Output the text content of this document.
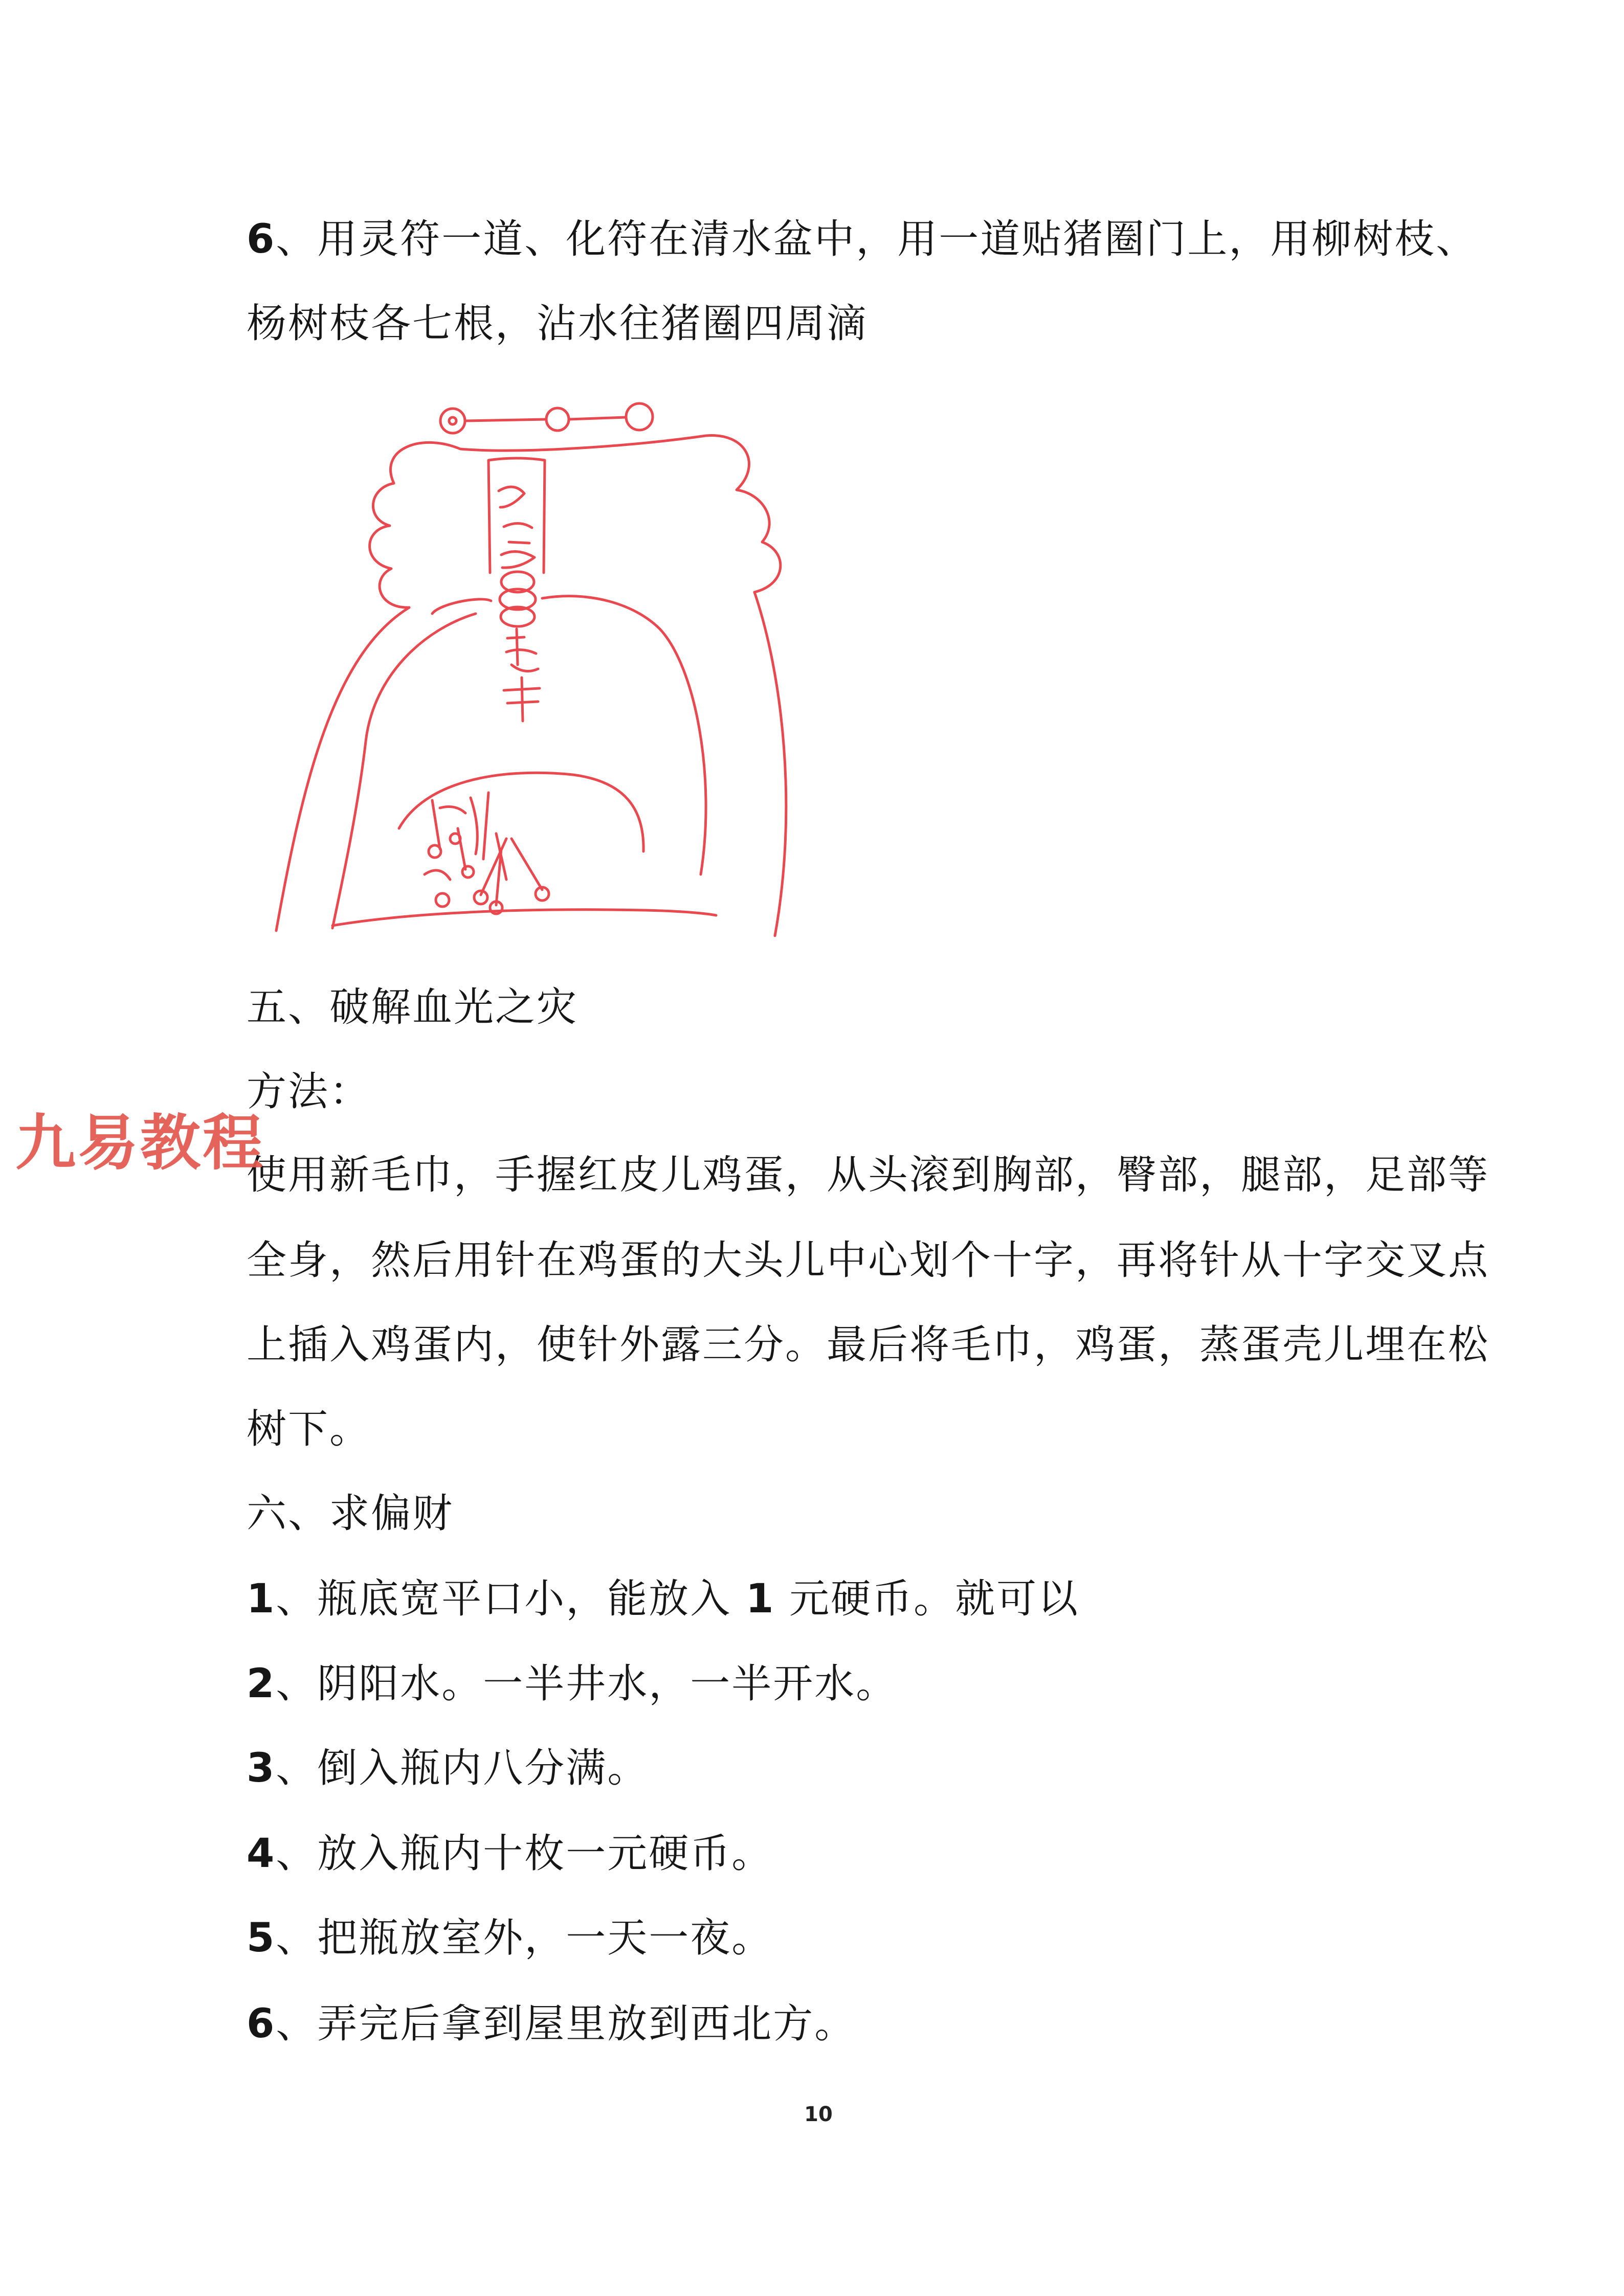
6、用灵符一道、化符在清水盆中，用一道贴猪圈门上，用柳树枝、
杨树枝各七根，沾水往猪圈四周滴
五、破解血光之灾
方法：
使用新毛巾，手握红皮儿鸡蛋，从头滚到胸部，臀部，腿部，足部等
全身，然后用针在鸡蛋的大头儿中心划个十字，再将针从十字交叉点
上插入鸡蛋内，使针外露三分。最后将毛巾，鸡蛋，蒸蛋壳儿埋在松
树下。
六、求偏财
1、瓶底宽平口小，能放入 1 元硬币。就可以
2、阴阳水。一半井水，一半开水。
3、倒入瓶内八分满。
4、放入瓶内十枚一元硬币。
5、把瓶放室外，一天一夜。
6、弄完后拿到屋里放到西北方。
九易教程
10
